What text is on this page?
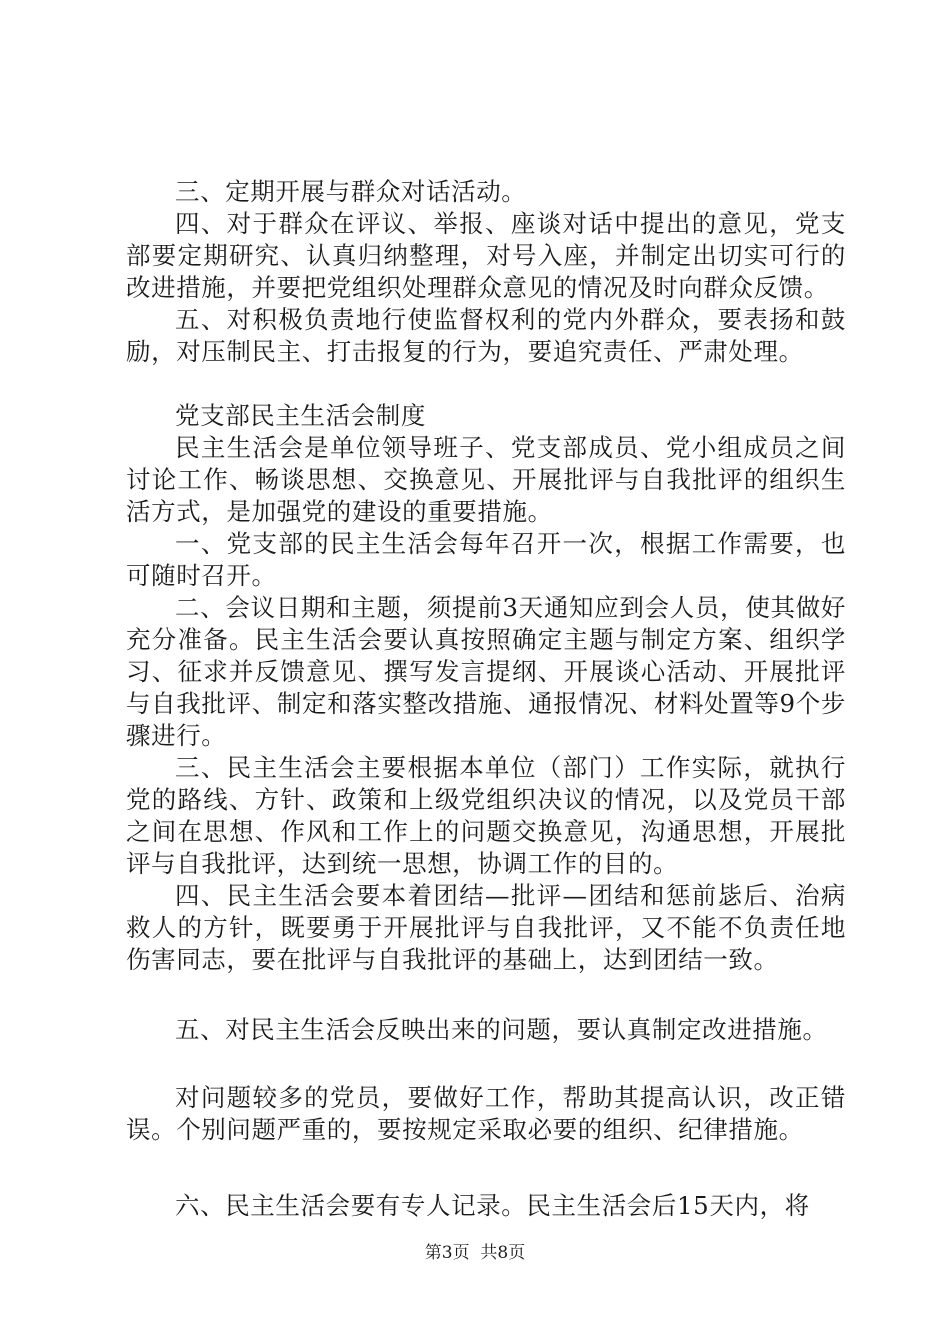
三、定期开展与群众对话活动。

四、对于群众在评议、举报、座谈对话中提出的意见，党支部要定期研究、认真归纳整理，对号入座，并制定出切实可行的改进措施，并要把党组织处理群众意见的情况及时向群众反馈。

五、对积极负责地行使监督权利的党内外群众，要表扬和鼓励，对压制民主、打击报复的行为，要追究责任、严肃处理。

党支部民主生活会制度

民主生活会是单位领导班子、党支部成员、党小组成员之间讨论工作、畅谈思想、交换意见、开展批评与自我批评的组织生活方式，是加强党的建设的重要措施。

一、党支部的民主生活会每年召开一次，根据工作需要，也可随时召开。

二、会议日期和主题，须提前3天通知应到会人员，使其做好充分准备。民主生活会要认真按照确定主题与制定方案、组织学习、征求并反馈意见、撰写发言提纲、开展谈心活动、开展批评与自我批评、制定和落实整改措施、通报情况、材料处置等9个步骤进行。

三、民主生活会主要根据本单位（部门）工作实际，就执行党的路线、方针、政策和上级党组织决议的情况，以及党员干部之间在思想、作风和工作上的问题交换意见，沟通思想，开展批评与自我批评，达到统一思想，协调工作的目的。

四、民主生活会要本着团结—批评—团结和惩前毖后、治病救人的方针，既要勇于开展批评与自我批评，又不能不负责任地伤害同志，要在批评与自我批评的基础上，达到团结一致。

五、对民主生活会反映出来的问题，要认真制定改进措施。

对问题较多的党员，要做好工作，帮助其提高认识，改正错误。个别问题严重的，要按规定采取必要的组织、纪律措施。

六、民主生活会要有专人记录。民主生活会后15天内，将

第3页  共8页
